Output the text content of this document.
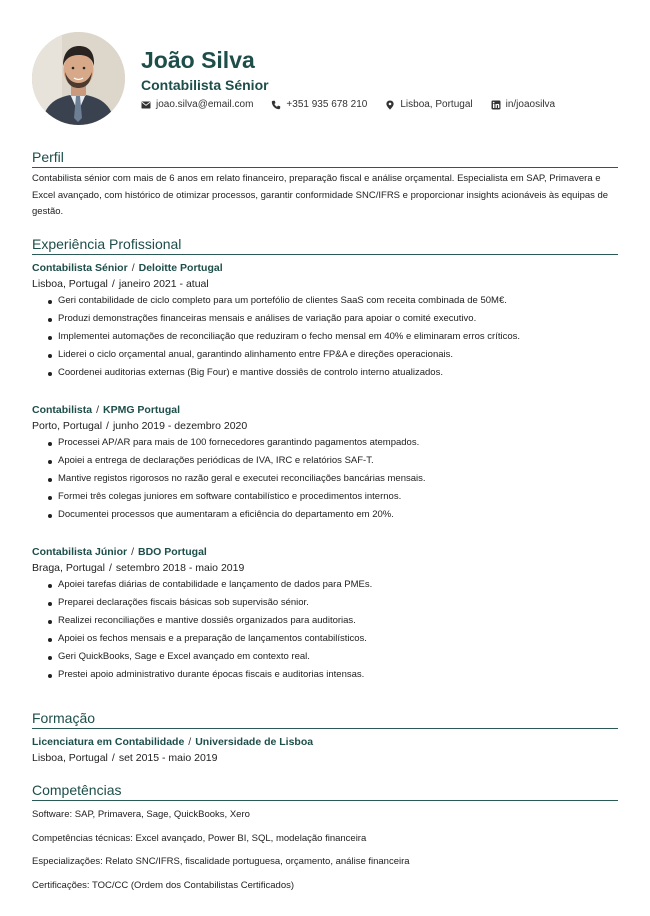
João Silva
Contabilista Sénior
joao.silva@email.com	+351 935 678 210	Lisboa, Portugal	in/joaosilva
Perfil

Contabilista sénior com mais de 6 anos em relato financeiro, preparação fiscal e análise orçamental. Especialista em SAP, Primavera e Excel avançado, com histórico de otimizar processos, garantir conformidade SNC/IFRS e proporcionar insights acionáveis às equipas de gestão.

Experiência Profissional

Contabilista Sénior / Deloitte Portugal

Lisboa, Portugal / janeiro 2021 - atual

Geri contabilidade de ciclo completo para um portefólio de clientes SaaS com receita combinada de 50M€.
Produzi demonstrações financeiras mensais e análises de variação para apoiar o comité executivo.
Implementei automações de reconciliação que reduziram o fecho mensal em 40% e eliminaram erros críticos.
Liderei o ciclo orçamental anual, garantindo alinhamento entre FP&A e direções operacionais.
Coordenei auditorias externas (Big Four) e mantive dossiês de controlo interno atualizados.

Contabilista / KPMG Portugal

Porto, Portugal / junho 2019 - dezembro 2020

Processei AP/AR para mais de 100 fornecedores garantindo pagamentos atempados.
Apoiei a entrega de declarações periódicas de IVA, IRC e relatórios SAF-T.
Mantive registos rigorosos no razão geral e executei reconciliações bancárias mensais.
Formei três colegas juniores em software contabilístico e procedimentos internos.
Documentei processos que aumentaram a eficiência do departamento em 20%.

Contabilista Júnior / BDO Portugal

Braga, Portugal / setembro 2018 - maio 2019

Apoiei tarefas diárias de contabilidade e lançamento de dados para PMEs.
Preparei declarações fiscais básicas sob supervisão sénior.
Realizei reconciliações e mantive dossiês organizados para auditorias.
Apoiei os fechos mensais e a preparação de lançamentos contabilísticos.
Geri QuickBooks, Sage e Excel avançado em contexto real.
Prestei apoio administrativo durante épocas fiscais e auditorias intensas.
Formação

Licenciatura em Contabilidade / Universidade de Lisboa

Lisboa, Portugal / set 2015 - maio 2019

Competências

Software: SAP, Primavera, Sage, QuickBooks, Xero

Competências técnicas: Excel avançado, Power BI, SQL, modelação financeira

Especializações: Relato SNC/IFRS, fiscalidade portuguesa, orçamento, análise financeira

Certificações: TOC/CC (Ordem dos Contabilistas Certificados)
